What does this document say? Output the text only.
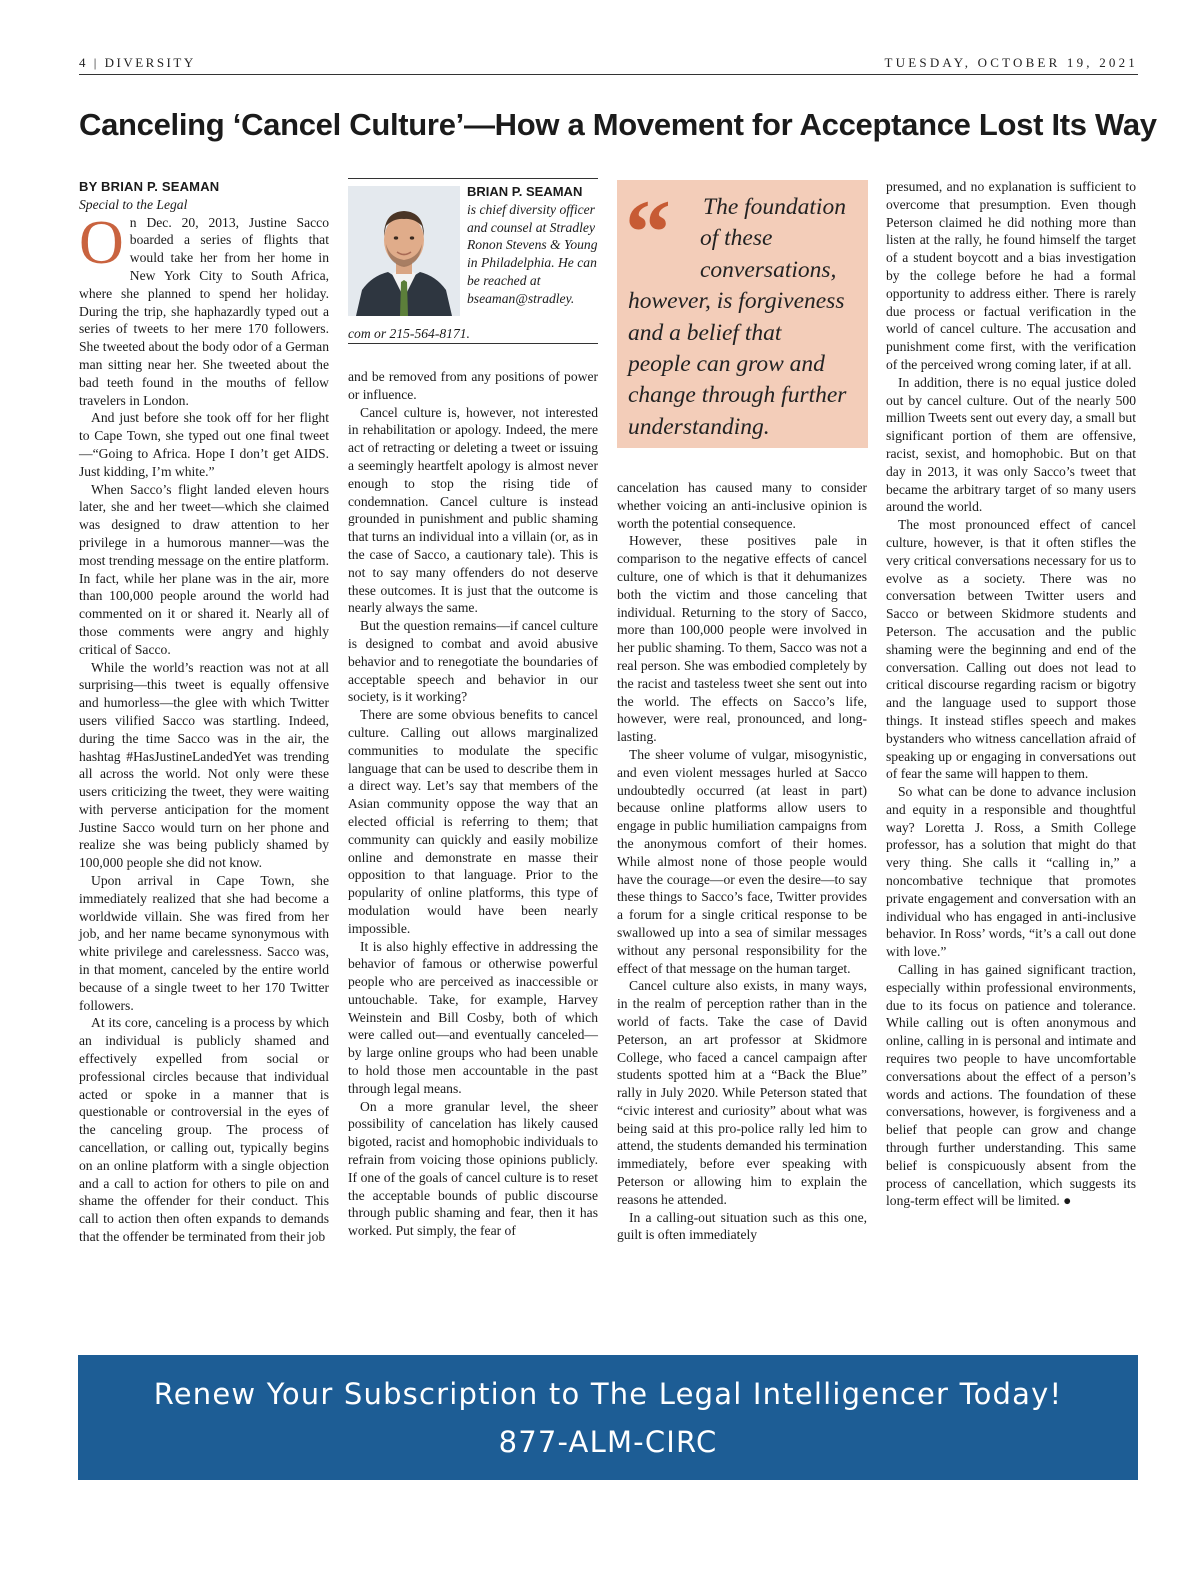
4 | DIVERSITY	TUESDAY, OCTOBER 19, 2021
Canceling ‘Cancel Culture’—How a Movement for Acceptance Lost Its Way

BY BRIAN P. SEAMAN

Special to the Legal

On Dec. 20, 2013, Justine Sacco boarded a series of flights that would take her from her home in New York City to South Africa, where she planned to spend her holiday. During the trip, she haphazardly typed out a series of tweets to her mere 170 followers. She tweeted about the body odor of a German man sitting near her. She tweeted about the bad teeth found in the mouths of fellow travelers in London.

And just before she took off for her flight to Cape Town, she typed out one final tweet—“Going to Africa. Hope I don’t get AIDS. Just kidding, I’m white.”

When Sacco’s flight landed eleven hours later, she and her tweet—which she claimed was designed to draw attention to her privilege in a humorous manner—was the most trending message on the entire platform. In fact, while her plane was in the air, more than 100,000 people around the world had commented on it or shared it. Nearly all of those comments were angry and highly critical of Sacco.

While the world’s reaction was not at all surprising—this tweet is equally offensive and humorless—the glee with which Twitter users vilified Sacco was startling. Indeed, during the time Sacco was in the air, the hashtag #HasJustineLandedYet was trending all across the world. Not only were these users criticizing the tweet, they were waiting with perverse anticipation for the moment Justine Sacco would turn on her phone and realize she was being publicly shamed by 100,000 people she did not know.

Upon arrival in Cape Town, she immediately realized that she had become a worldwide villain. She was fired from her job, and her name became synonymous with white privilege and carelessness. Sacco was, in that moment, canceled by the entire world because of a single tweet to her 170 Twitter followers.

At its core, canceling is a process by which an individual is publicly shamed and effectively expelled from social or professional circles because that individual acted or spoke in a manner that is questionable or controversial in the eyes of the canceling group. The process of cancellation, or calling out, typically begins on an online platform with a single objection and a call to action for others to pile on and shame the offender for their conduct. This call to action then often expands to demands that the offender be terminated from their job

BRIAN P. SEAMAN
is chief diversity officer and counsel at Stradley Ronon Stevens & Young in Philadelphia. He can be reached at bseaman@stradley.
com or 215-564-8171.

and be removed from any positions of power or influence.

Cancel culture is, however, not interested in rehabilitation or apology. Indeed, the mere act of retracting or deleting a tweet or issuing a seemingly heartfelt apology is almost never enough to stop the rising tide of condemnation. Cancel culture is instead grounded in punishment and public shaming that turns an individual into a villain (or, as in the case of Sacco, a cautionary tale). This is not to say many offenders do not deserve these outcomes. It is just that the outcome is nearly always the same.

But the question remains—if cancel culture is designed to combat and avoid abusive behavior and to renegotiate the boundaries of acceptable speech and behavior in our society, is it working?

There are some obvious benefits to cancel culture. Calling out allows marginalized communities to modulate the specific language that can be used to describe them in a direct way. Let’s say that members of the Asian community oppose the way that an elected official is referring to them; that community can quickly and easily mobilize online and demonstrate en masse their opposition to that language. Prior to the popularity of online platforms, this type of modulation would have been nearly impossible.

It is also highly effective in addressing the behavior of famous or otherwise powerful people who are perceived as inaccessible or untouchable. Take, for example, Harvey Weinstein and Bill Cosby, both of which were called out—and eventually canceled—by large online groups who had been unable to hold those men accountable in the past through legal means.

On a more granular level, the sheer possibility of cancelation has likely caused bigoted, racist and homophobic individuals to refrain from voicing those opinions publicly. If one of the goals of cancel culture is to reset the acceptable bounds of public discourse through public shaming and fear, then it has worked. Put simply, the fear of

“	The foundation
of these
conversations,
however, is forgiveness
and a belief that
people can grow and
change through further
understanding.

cancelation has caused many to consider whether voicing an anti-inclusive opinion is worth the potential consequence.

However, these positives pale in comparison to the negative effects of cancel culture, one of which is that it dehumanizes both the victim and those canceling that individual. Returning to the story of Sacco, more than 100,000 people were involved in her public shaming. To them, Sacco was not a real person. She was embodied completely by the racist and tasteless tweet she sent out into the world. The effects on Sacco’s life, however, were real, pronounced, and long-lasting.

The sheer volume of vulgar, misogynistic, and even violent messages hurled at Sacco undoubtedly occurred (at least in part) because online platforms allow users to engage in public humiliation campaigns from the anonymous comfort of their homes. While almost none of those people would have the courage—or even the desire—to say these things to Sacco’s face, Twitter provides a forum for a single critical response to be swallowed up into a sea of similar messages without any personal responsibility for the effect of that message on the human target.

Cancel culture also exists, in many ways, in the realm of perception rather than in the world of facts. Take the case of David Peterson, an art professor at Skidmore College, who faced a cancel campaign after students spotted him at a “Back the Blue” rally in July 2020. While Peterson stated that “civic interest and curiosity” about what was being said at this pro-police rally led him to attend, the students demanded his termination immediately, before ever speaking with Peterson or allowing him to explain the reasons he attended.

In a calling-out situation such as this one, guilt is often immediately

presumed, and no explanation is sufficient to overcome that presumption. Even though Peterson claimed he did nothing more than listen at the rally, he found himself the target of a student boycott and a bias investigation by the college before he had a formal opportunity to address either. There is rarely due process or factual verification in the world of cancel culture. The accusation and punishment come first, with the verification of the perceived wrong coming later, if at all.

In addition, there is no equal justice doled out by cancel culture. Out of the nearly 500 million Tweets sent out every day, a small but significant portion of them are offensive, racist, sexist, and homophobic. But on that day in 2013, it was only Sacco’s tweet that became the arbitrary target of so many users around the world.

The most pronounced effect of cancel culture, however, is that it often stifles the very critical conversations necessary for us to evolve as a society. There was no conversation between Twitter users and Sacco or between Skidmore students and Peterson. The accusation and the public shaming were the beginning and end of the conversation. Calling out does not lead to critical discourse regarding racism or bigotry and the language used to support those things. It instead stifles speech and makes bystanders who witness cancellation afraid of speaking up or engaging in conversations out of fear the same will happen to them.

So what can be done to advance inclusion and equity in a responsible and thoughtful way? Loretta J. Ross, a Smith College professor, has a solution that might do that very thing. She calls it “calling in,” a noncombative technique that promotes private engagement and conversation with an individual who has engaged in anti-inclusive behavior. In Ross’ words, “it’s a call out done with love.”

Calling in has gained significant traction, especially within professional environments, due to its focus on patience and tolerance. While calling out is often anonymous and online, calling in is personal and intimate and requires two people to have uncomfortable conversations about the effect of a person’s words and actions. The foundation of these conversations, however, is forgiveness and a belief that people can grow and change through further understanding. This same belief is conspicuously absent from the process of cancellation, which suggests its long-term effect will be limited. ●

Renew Your Subscription to The Legal Intelligencer Today!
877-ALM-CIRC
